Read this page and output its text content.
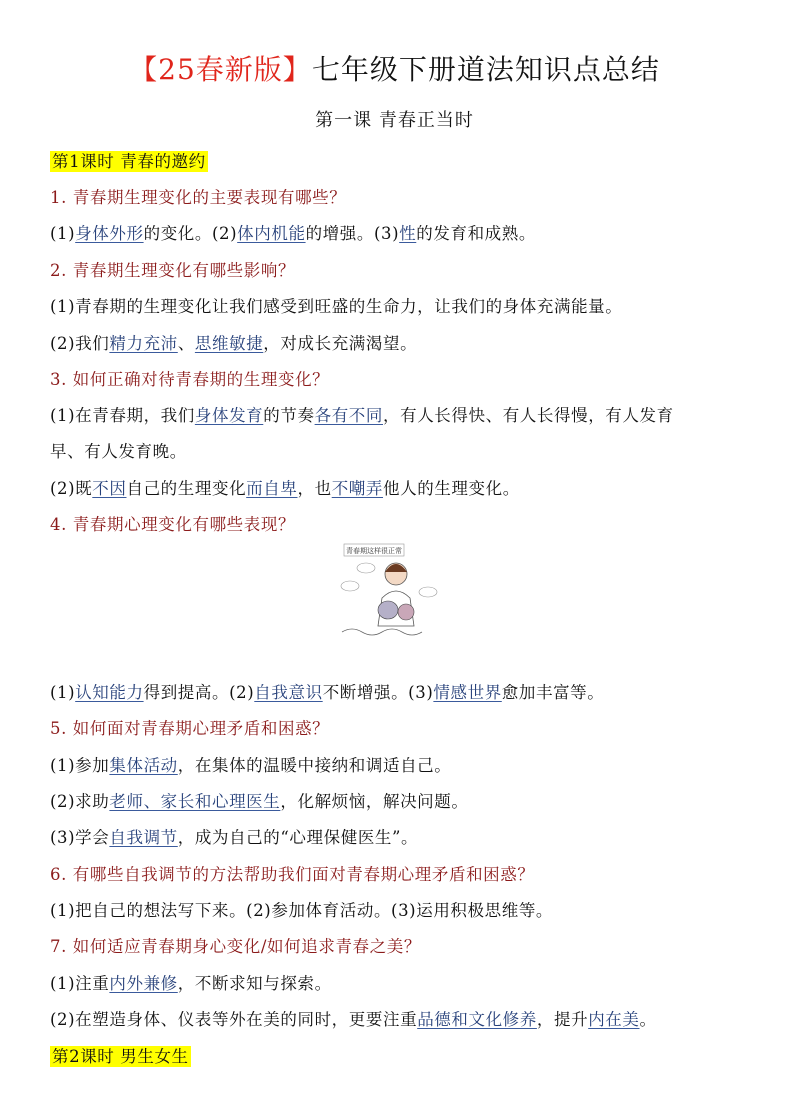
【25春新版】七年级下册道法知识点总结
第一课 青春正当时
第1课时 青春的邀约
1. 青春期生理变化的主要表现有哪些？
(1)身体外形的变化。(2)体内机能的增强。(3)性的发育和成熟。
2. 青春期生理变化有哪些影响？
(1)青春期的生理变化让我们感受到旺盛的生命力，让我们的身体充满能量。
(2)我们精力充沛、思维敏捷，对成长充满渴望。
3. 如何正确对待青春期的生理变化？
(1)在青春期，我们身体发育的节奏各有不同，有人长得快、有人长得慢，有人发育
早、有人发育晚。
(2)既不因自己的生理变化而自卑，也不嘲弄他人的生理变化。
4. 青春期心理变化有哪些表现？
青春期这样很正常
(1)认知能力得到提高。(2)自我意识不断增强。(3)情感世界愈加丰富等。
5. 如何面对青春期心理矛盾和困惑？
(1)参加集体活动，在集体的温暖中接纳和调适自己。
(2)求助老师、家长和心理医生，化解烦恼，解决问题。
(3)学会自我调节，成为自己的“心理保健医生”。
6. 有哪些自我调节的方法帮助我们面对青春期心理矛盾和困惑？
(1)把自己的想法写下来。(2)参加体育活动。(3)运用积极思维等。
7. 如何适应青春期身心变化/如何追求青春之美？
(1)注重内外兼修，不断求知与探索。
(2)在塑造身体、仪表等外在美的同时，更要注重品德和文化修养，提升内在美。
第2课时 男生女生
